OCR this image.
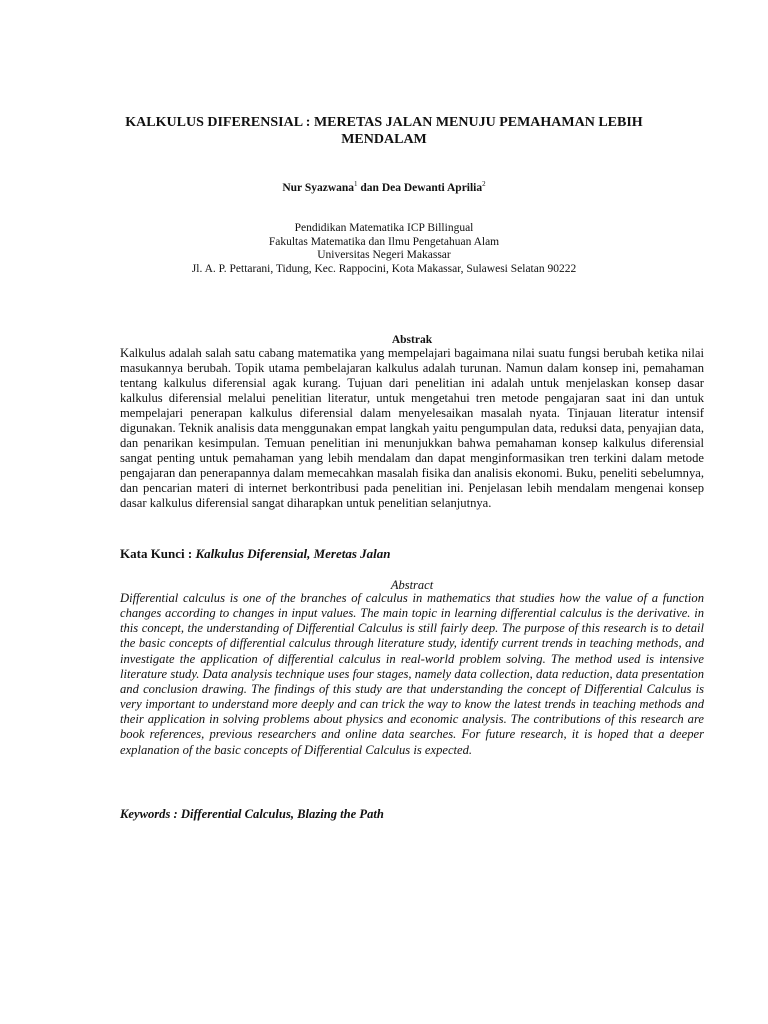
KALKULUS DIFERENSIAL : MERETAS JALAN MENUJU PEMAHAMAN LEBIH MENDALAM

Nur Syazwana$^1$ dan Dea Dewanti Aprilia$^2$

Pendidikan Matematika ICP Billingual
Fakultas Matematika dan Ilmu Pengetahuan Alam
Universitas Negeri Makassar
Jl. A. P. Pettarani, Tidung, Kec. Rappocini, Kota Makassar, Sulawesi Selatan 90222
Abstrak

Kalkulus adalah salah satu cabang matematika yang mempelajari bagaimana nilai suatu fungsi berubah ketika nilai masukannya berubah. Topik utama pembelajaran kalkulus adalah turunan. Namun dalam konsep ini, pemahaman tentang kalkulus diferensial agak kurang. Tujuan dari penelitian ini adalah untuk menjelaskan konsep dasar kalkulus diferensial melalui penelitian literatur, untuk mengetahui tren metode pengajaran saat ini dan untuk mempelajari penerapan kalkulus diferensial dalam menyelesaikan masalah nyata. Tinjauan literatur intensif digunakan. Teknik analisis data menggunakan empat langkah yaitu pengumpulan data, reduksi data, penyajian data, dan penarikan kesimpulan. Temuan penelitian ini menunjukkan bahwa pemahaman konsep kalkulus diferensial sangat penting untuk pemahaman yang lebih mendalam dan dapat menginformasikan tren terkini dalam metode pengajaran dan penerapannya dalam memecahkan masalah fisika dan analisis ekonomi. Buku, peneliti sebelumnya, dan pencarian materi di internet berkontribusi pada penelitian ini. Penjelasan lebih mendalam mengenai konsep dasar kalkulus diferensial sangat diharapkan untuk penelitian selanjutnya.

Kata Kunci : Kalkulus Diferensial, Meretas Jalan

Abstract

Differential calculus is one of the branches of calculus in mathematics that studies how the value of a function changes according to changes in input values. The main topic in learning differential calculus is the derivative. in this concept, the understanding of Differential Calculus is still fairly deep. The purpose of this research is to detail the basic concepts of differential calculus through literature study, identify current trends in teaching methods, and investigate the application of differential calculus in real-world problem solving. The method used is intensive literature study. Data analysis technique uses four stages, namely data collection, data reduction, data presentation and conclusion drawing. The findings of this study are that understanding the concept of Differential Calculus is very important to understand more deeply and can trick the way to know the latest trends in teaching methods and their application in solving problems about physics and economic analysis. The contributions of this research are book references, previous researchers and online data searches. For future research, it is hoped that a deeper explanation of the basic concepts of Differential Calculus is expected.

Keywords : Differential Calculus, Blazing the Path
